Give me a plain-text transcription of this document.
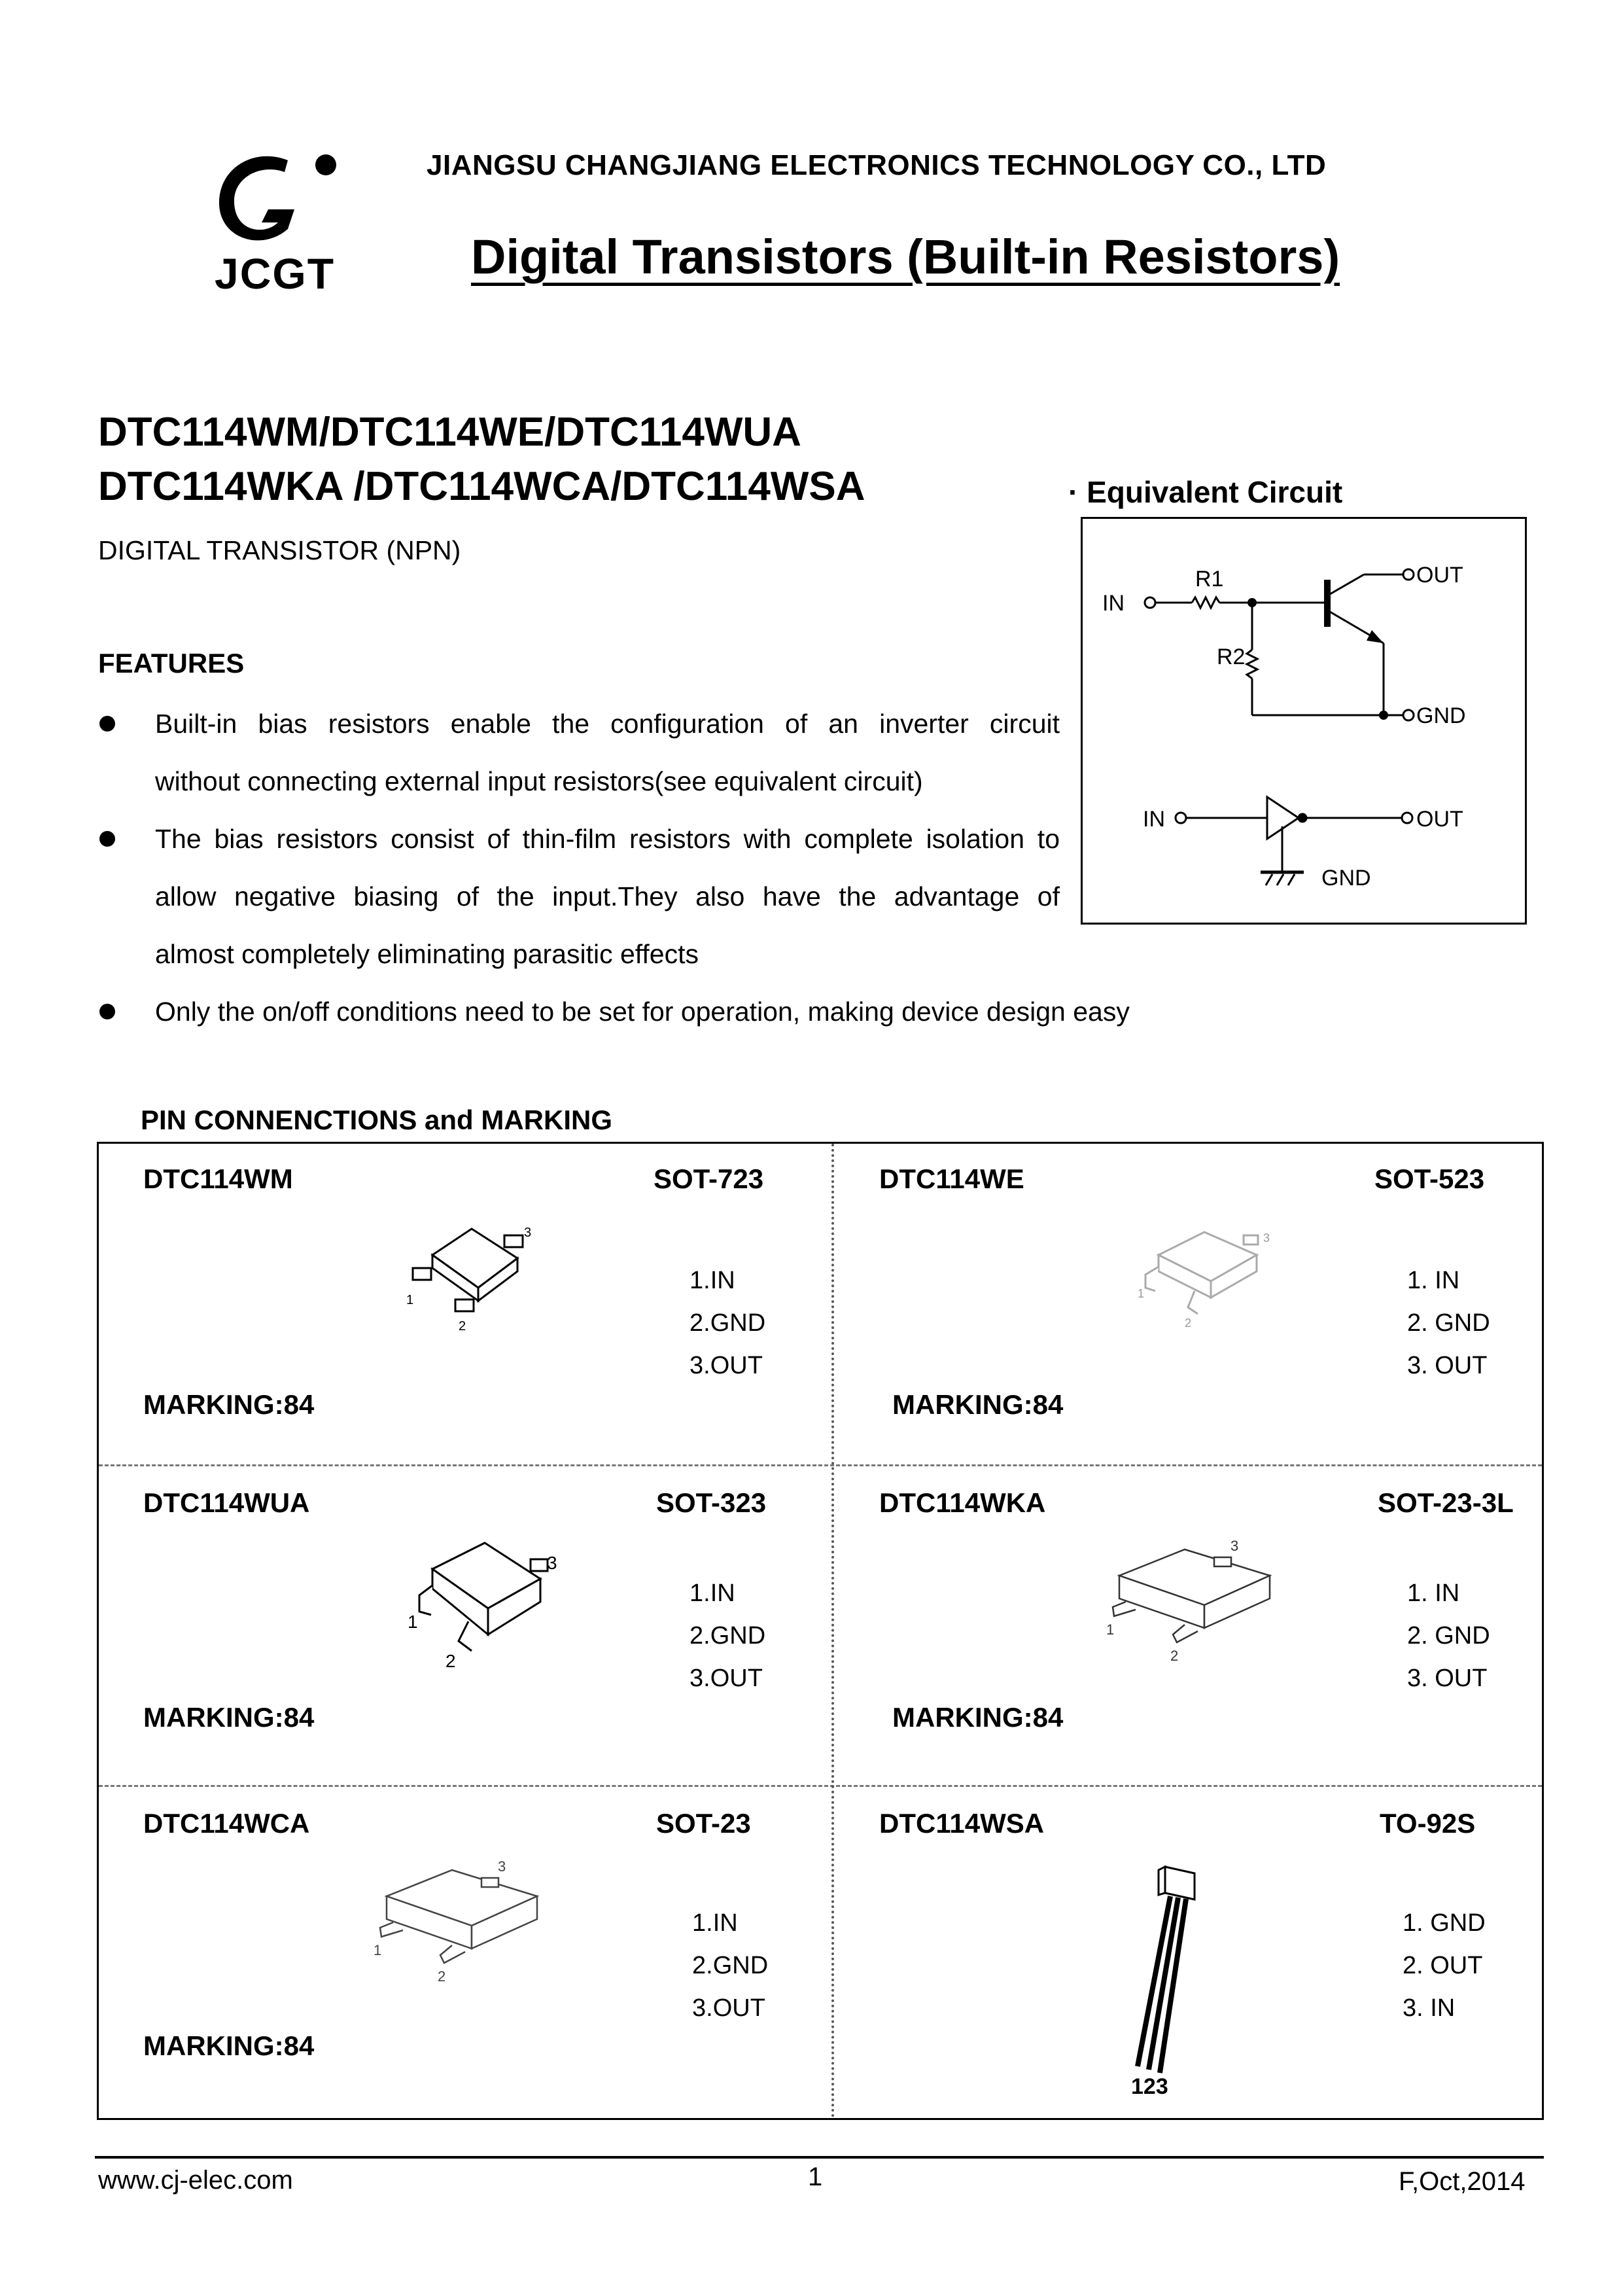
JCGT
JIANGSU CHANGJIANG ELECTRONICS TECHNOLOGY CO., LTD
Digital Transistors (Built-in Resistors)
DTC114WM/DTC114WE/DTC114WUA
DTC114WKA /DTC114WCA/DTC114WSA
DIGITAL TRANSISTOR (NPN)
FEATURES
Built-in bias resistors enable the configuration of an inverter circuit
without connecting external input resistors(see equivalent circuit)
The bias resistors consist of thin-film resistors with complete isolation to
allow negative biasing of the input.They also have the advantage of
almost completely eliminating parasitic effects
Only the on/off conditions need to be set for operation, making device design easy
· Equivalent Circuit
IN
OUT
GND
R1
R2
IN	OUT
GND
PIN CONNENCTIONS and MARKING
DTC114WM	SOT-723
1
2
3
1.IN
2.GND
3.OUT
MARKING:84
DTC114WE	SOT-523
1
2
3
1. IN
2. GND
3. OUT
MARKING:84
DTC114WUA	SOT-323
1
2
3
1.IN
2.GND
3.OUT
MARKING:84
DTC114WKA	SOT-23-3L
1
2
3
1. IN
2. GND
3. OUT
MARKING:84
DTC114WCA	SOT-23
1
2
3
1.IN
2.GND
3.OUT
MARKING:84
DTC114WSA	TO-92S
123
1. GND
2. OUT
3. IN
www.cj-elec.com	1	F,Oct,2014
